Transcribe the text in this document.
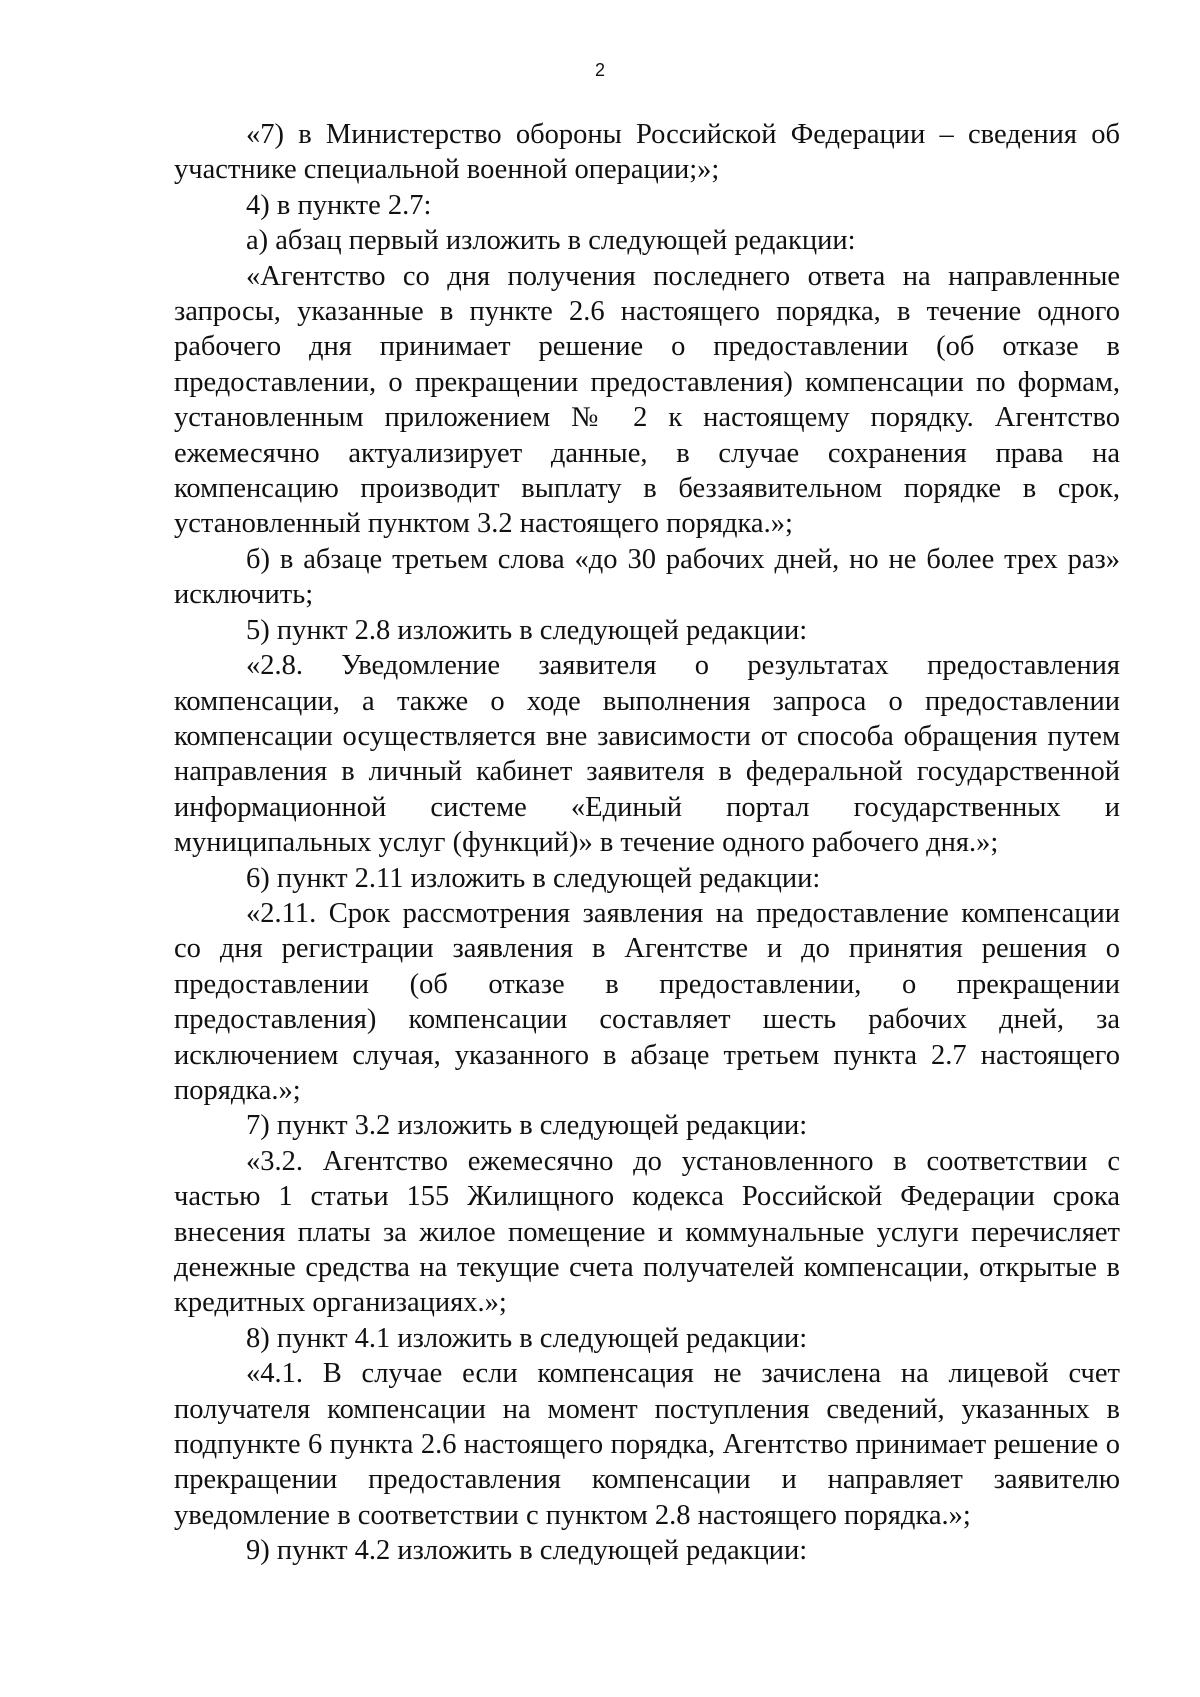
2

«7) в Министерство обороны Российской Федерации – сведения об участнике специальной военной операции;»;

4) в пункте 2.7:

а) абзац первый изложить в следующей редакции:

«Агентство со дня получения последнего ответа на направленные запросы, указанные в пункте 2.6 настоящего порядка, в течение одного рабочего дня принимает решение о предоставлении (об отказе в предоставлении, о прекращении предоставления) компенсации по формам, установленным приложением № 2 к настоящему порядку. Агентство ежемесячно актуализирует данные, в случае сохранения права на компенсацию производит выплату в беззаявительном порядке в срок, установленный пунктом 3.2 настоящего порядка.»;

б) в абзаце третьем слова «до 30 рабочих дней, но не более трех раз» исключить;

5) пункт 2.8 изложить в следующей редакции:

«2.8. Уведомление заявителя о результатах предоставления компенсации, а также о ходе выполнения запроса о предоставлении компенсации осуществляется вне зависимости от способа обращения путем направления в личный кабинет заявителя в федеральной государственной информационной системе «Единый портал государственных и муниципальных услуг (функций)» в течение одного рабочего дня.»;

6) пункт 2.11 изложить в следующей редакции:

«2.11. Срок рассмотрения заявления на предоставление компенсации со дня регистрации заявления в Агентстве и до принятия решения о предоставлении (об отказе в предоставлении, о прекращении предоставления) компенсации составляет шесть рабочих дней, за исключением случая, указанного в абзаце третьем пункта 2.7 настоящего порядка.»;

7) пункт 3.2 изложить в следующей редакции:

«3.2. Агентство ежемесячно до установленного в соответствии с частью 1 статьи 155 Жилищного кодекса Российской Федерации срока внесения платы за жилое помещение и коммунальные услуги перечисляет денежные средства на текущие счета получателей компенсации, открытые в кредитных организациях.»;

8) пункт 4.1 изложить в следующей редакции:

«4.1. В случае если компенсация не зачислена на лицевой счет получателя компенсации на момент поступления сведений, указанных в подпункте 6 пункта 2.6 настоящего порядка, Агентство принимает решение о прекращении предоставления компенсации и направляет заявителю уведомление в соответствии с пунктом 2.8 настоящего порядка.»;

9) пункт 4.2 изложить в следующей редакции:
